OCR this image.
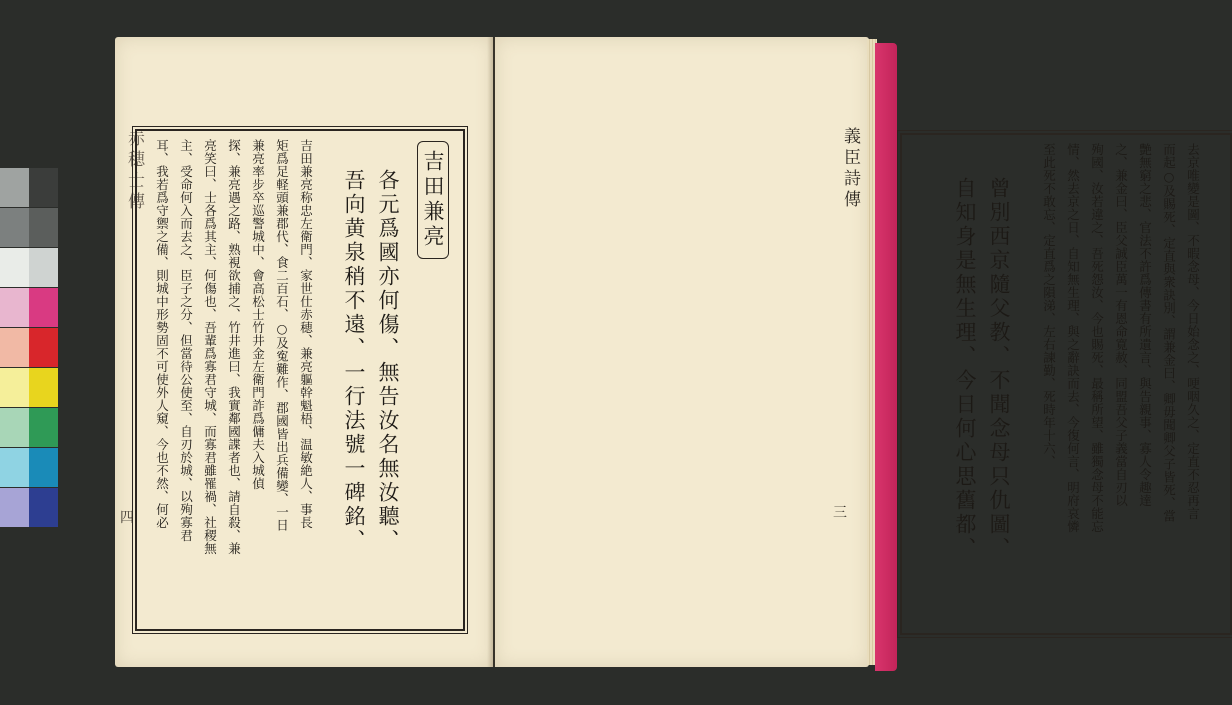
赤穂士傳
四 耳、我若爲守禦之備、則城中形勢固不可使外人窺、今也不然、何必 主、受命何入而去之、臣子之分、但當待公使至、自刃於城、以殉寡君 亮笑曰、士各爲其主、何傷也、吾輩爲寡君守城、而寡君雖罹禍、社稷無 探、兼亮遇之路、熟視欲捕之、竹井進曰、我實鄰國諜者也、請自殺、兼 兼亮率步卒巡警城中、會高松士竹井金左衛門詐爲傭夫入城偵 矩爲足軽頭兼郡代、食二百石、○及寃難作、郡國皆出兵備變、一日 吉田兼亮称忠左衛門、家世仕赤穂、兼亮軀幹魁梧、温敏絶人、事長 吾向黄泉稍不遠、一行法號一碑銘、 各元爲國亦何傷、無告汝名無汝聽、 吉田兼亮	義臣詩傳
三	自知身是無生理、今日何心思舊都、 曾別西京隨父教、不聞念母只仇圖、 至此死不敢忘、定直爲之隕涕、左右諫勤、死時年十六、 情、然去京之日、自知無生理、與之辭訣而去、今復何言、明府哀憐 殉國、汝若違之、吾死怨汝、今也賜死、最稱所望、雖獨念母不能忘 之、兼金曰、臣父誠臣萬一有恩命寛赦、同盟吾父子義當自刃以 艶無窮之悲、官法不許爲傳書有所遺言、與告親事、寡人令趣達 而起○及賜死、定直與衆訣別、謂兼金曰、卿毋聞卿父子皆死、當 去京唯變是圖、不暇念母、今日始念之、哽咽久之、定直不忍再言
